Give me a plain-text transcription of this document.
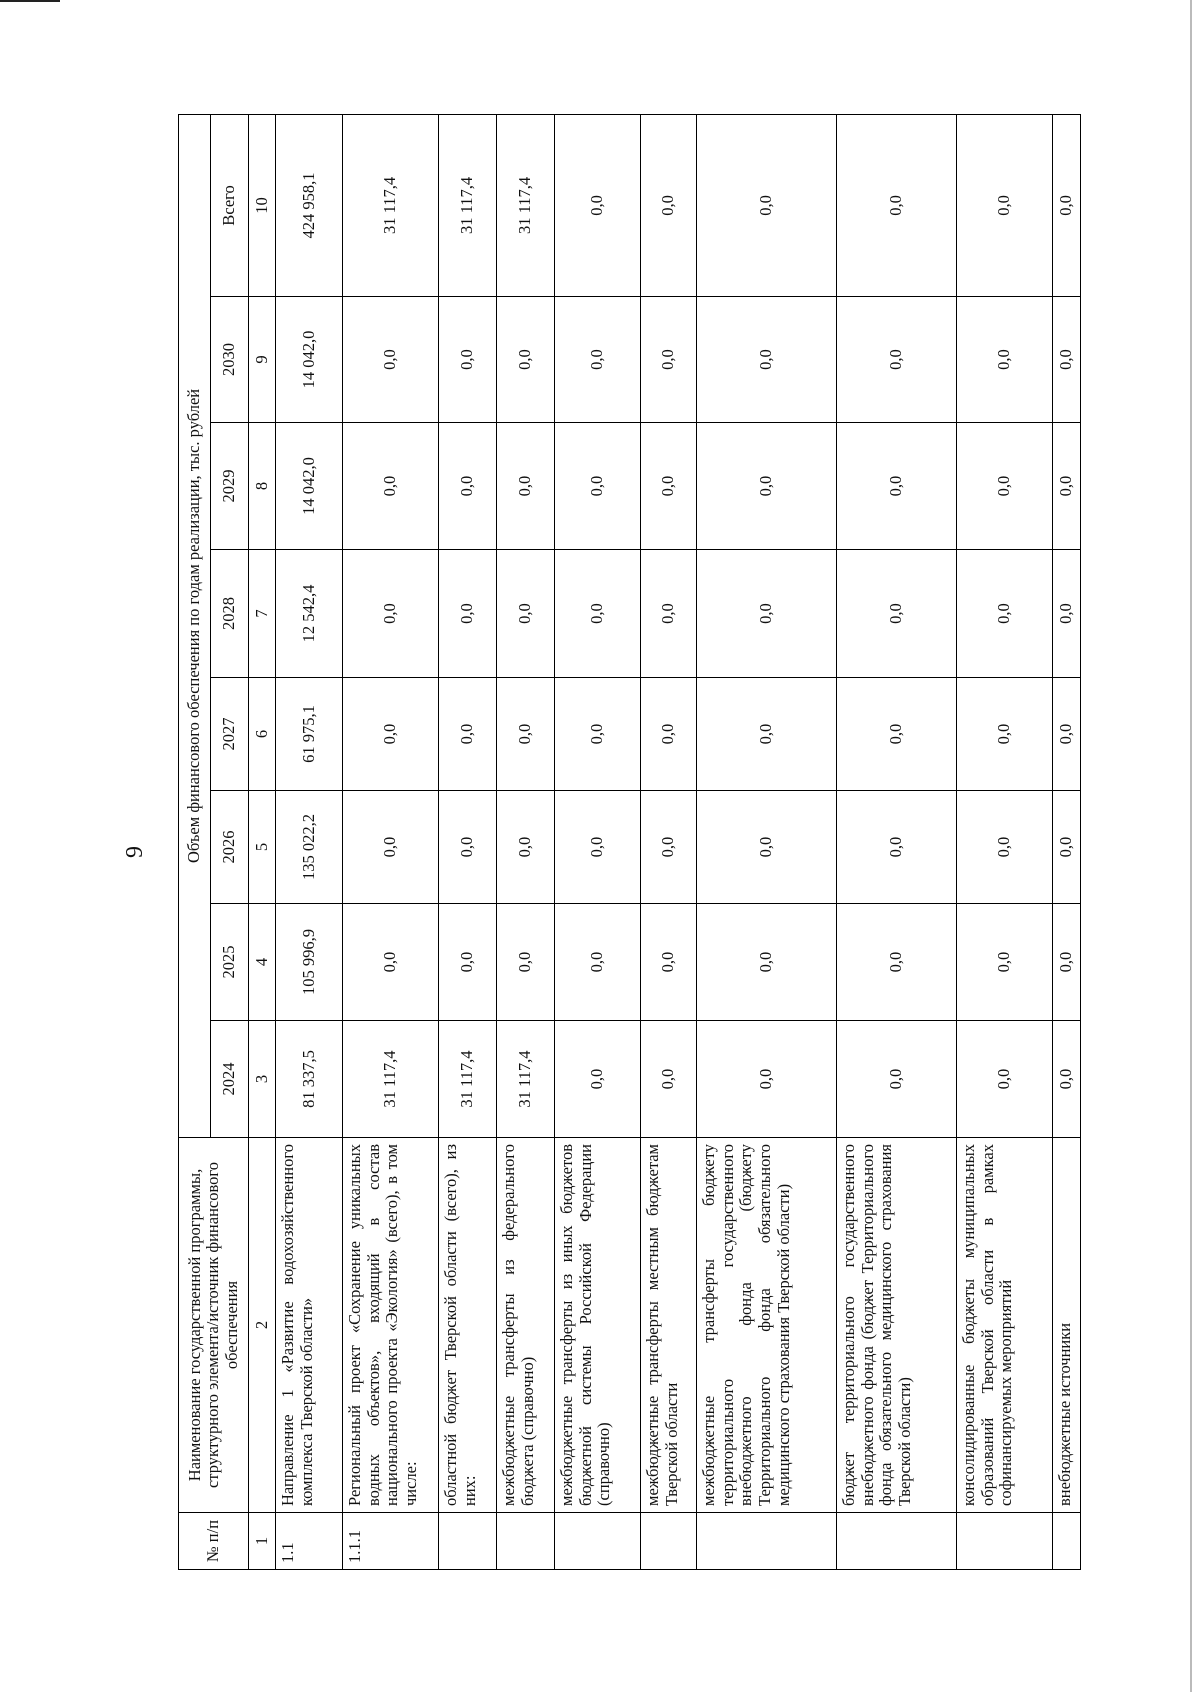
9
№ п/п	Наименование государственной программы, структурного элемента/источник финансового обеспечения	Объем финансового обеспечения по годам реализации, тыс. рублей							
		2024	2025	2026	2027	2028	2029	2030	Всего
1	2	3	4	5	6	7	8	9	10
1.1	Направление 1 «Развитие водохозяйственного комплекса Тверской области»	81 337,5	105 996,9	135 022,2	61 975,1	12 542,4	14 042,0	14 042,0	424 958,1
1.1.1	Региональный проект «Сохранение уникальных водных объектов», входящий в состав национального проекта «Экология» (всего), в том числе:	31 117,4	0,0	0,0	0,0	0,0	0,0	0,0	31 117,4
	областной бюджет Тверской области (всего), из них:	31 117,4	0,0	0,0	0,0	0,0	0,0	0,0	31 117,4
	межбюджетные трансферты из федерального бюджета (справочно)	31 117,4	0,0	0,0	0,0	0,0	0,0	0,0	31 117,4
	межбюджетные трансферты из иных бюджетов бюджетной системы Российской Федерации (справочно)	0,0	0,0	0,0	0,0	0,0	0,0	0,0	0,0
	межбюджетные трансферты местным бюджетам Тверской области	0,0	0,0	0,0	0,0	0,0	0,0	0,0	0,0
	межбюджетные трансферты бюджету территориального государственного внебюджетного фонда (бюджету Территориального фонда обязательного медицинского страхования Тверской области)	0,0	0,0	0,0	0,0	0,0	0,0	0,0	0,0
	бюджет территориального государственного внебюджетного фонда (бюджет Территориального фонда обязательного медицинского страхования Тверской области)	0,0	0,0	0,0	0,0	0,0	0,0	0,0	0,0
	консолидированные бюджеты муниципальных образований Тверской области в рамках софинансируемых мероприятий	0,0	0,0	0,0	0,0	0,0	0,0	0,0	0,0
	внебюджетные источники	0,0	0,0	0,0	0,0	0,0	0,0	0,0	0,0
